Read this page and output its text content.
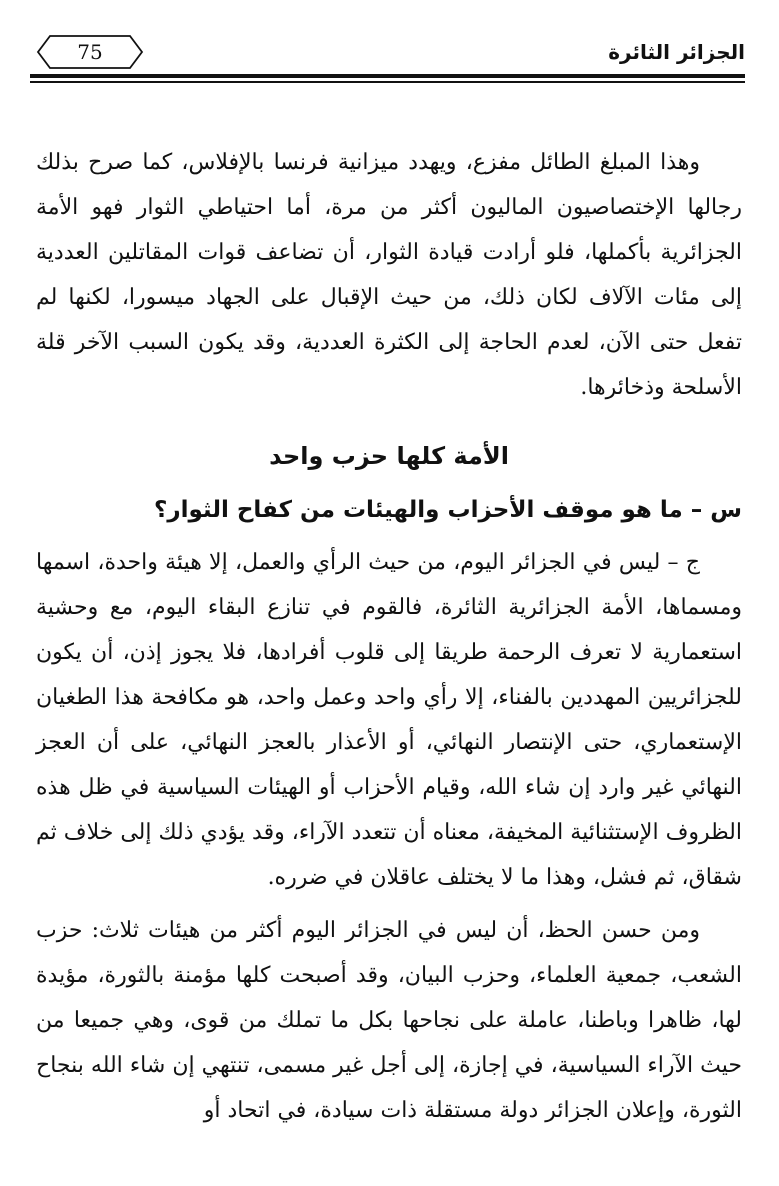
75	الجزائر الثائرة

وهذا المبلغ الطائل مفزع، ويهدد ميزانية فرنسا بالإفلاس، كما صرح بذلك رجالها الإختصاصيون الماليون أكثر من مرة، أما احتياطي الثوار فهو الأمة الجزائرية بأكملها، فلو أرادت قيادة الثوار، أن تضاعف قوات المقاتلين العددية إلى مئات الآلاف لكان ذلك، من حيث الإقبال على الجهاد ميسورا، لكنها لم تفعل حتى الآن، لعدم الحاجة إلى الكثرة العددية، وقد يكون السبب الآخر قلة الأسلحة وذخائرها.

الأمة كلها حزب واحد
س – ما هو موقف الأحزاب والهيئات من كفاح الثوار؟

ج – ليس في الجزائر اليوم، من حيث الرأي والعمل، إلا هيئة واحدة، اسمها ومسماها، الأمة الجزائرية الثائرة، فالقوم في تنازع البقاء اليوم، مع وحشية استعمارية لا تعرف الرحمة طريقا إلى قلوب أفرادها، فلا يجوز إذن، أن يكون للجزائريين المهددين بالفناء، إلا رأي واحد وعمل واحد، هو مكافحة هذا الطغيان الإستعماري، حتى الإنتصار النهائي، أو الأعذار بالعجز النهائي، على أن العجز النهائي غير وارد إن شاء الله، وقيام الأحزاب أو الهيئات السياسية في ظل هذه الظروف الإستثنائية المخيفة، معناه أن تتعدد الآراء، وقد يؤدي ذلك إلى خلاف ثم شقاق، ثم فشل، وهذا ما لا يختلف عاقلان في ضرره.

ومن حسن الحظ، أن ليس في الجزائر اليوم أكثر من هيئات ثلاث: حزب الشعب، جمعية العلماء، وحزب البيان، وقد أصبحت كلها مؤمنة بالثورة، مؤيدة لها، ظاهرا وباطنا، عاملة على نجاحها بكل ما تملك من قوى، وهي جميعا من حيث الآراء السياسية، في إجازة، إلى أجل غير مسمى، تنتهي إن شاء الله بنجاح الثورة، وإعلان الجزائر دولة مستقلة ذات سيادة، في اتحاد أو
